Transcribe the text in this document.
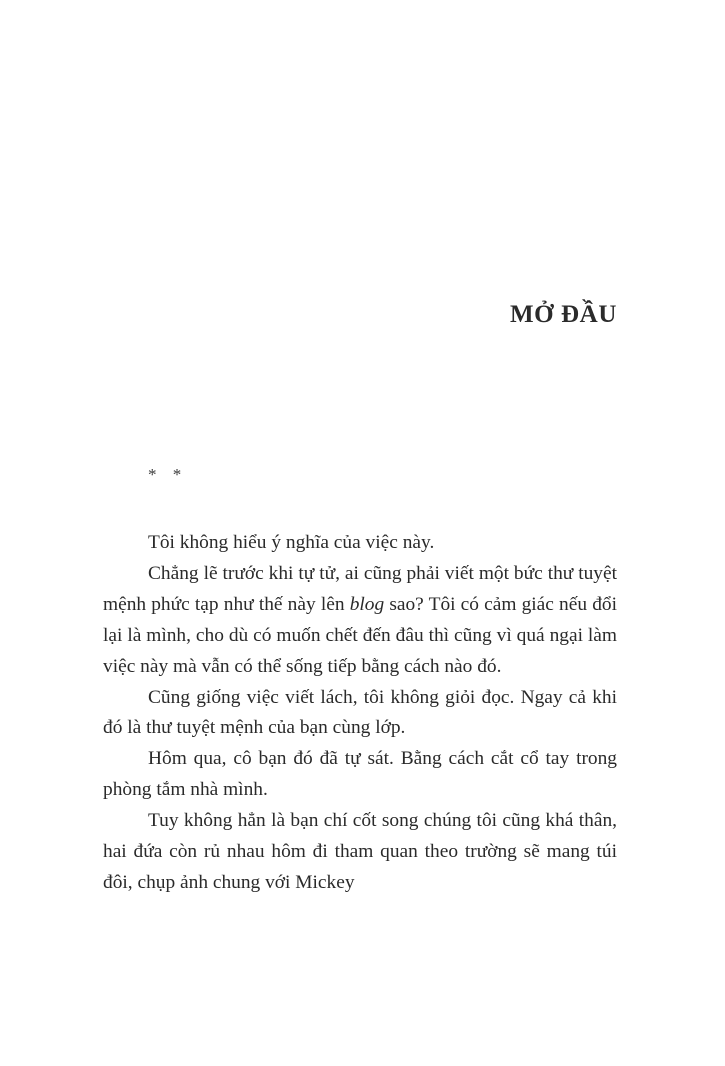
MỞ ĐẦU
* *

Tôi không hiểu ý nghĩa của việc này.

Chẳng lẽ trước khi tự tử, ai cũng phải viết một bức thư tuyệt mệnh phức tạp như thế này lên blog sao? Tôi có cảm giác nếu đổi lại là mình, cho dù có muốn chết đến đâu thì cũng vì quá ngại làm việc này mà vẫn có thể sống tiếp bằng cách nào đó.

Cũng giống việc viết lách, tôi không giỏi đọc. Ngay cả khi đó là thư tuyệt mệnh của bạn cùng lớp.

Hôm qua, cô bạn đó đã tự sát. Bằng cách cắt cổ tay trong phòng tắm nhà mình.

Tuy không hẳn là bạn chí cốt song chúng tôi cũng khá thân, hai đứa còn rủ nhau hôm đi tham quan theo trường sẽ mang túi đôi, chụp ảnh chung với Mickey
